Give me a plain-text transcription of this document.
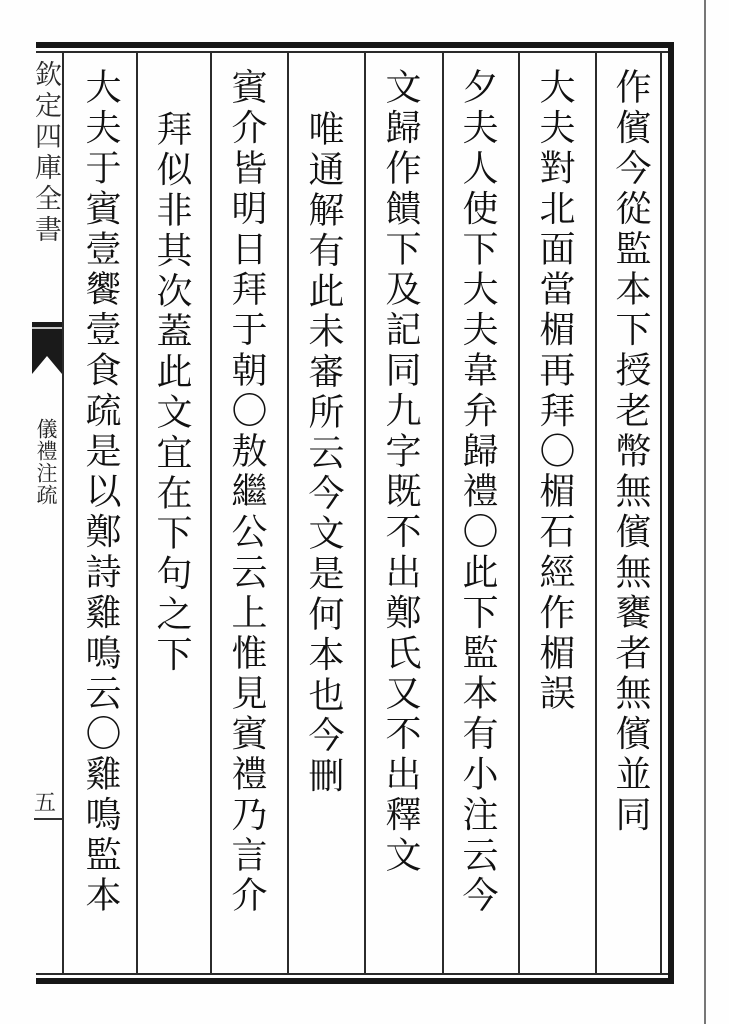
欽定四庫全書
儀禮注疏
五	作儐今從監本下授老幣無儐無饔者無儐並同
大夫對北面當楣再拜〇楣石經作楣誤
夕夫人使下大夫韋弁歸禮〇此下監本有小注云今
文歸作饋下及記同九字既不出鄭氏又不出釋文
唯通解有此未審所云今文是何本也今刪
賓介皆明日拜于朝〇敖繼公云上惟見賓禮乃言介
拜似非其次蓋此文宜在下句之下
大夫于賓壹饗壹食疏是以鄭詩雞鳴云〇雞鳴監本
